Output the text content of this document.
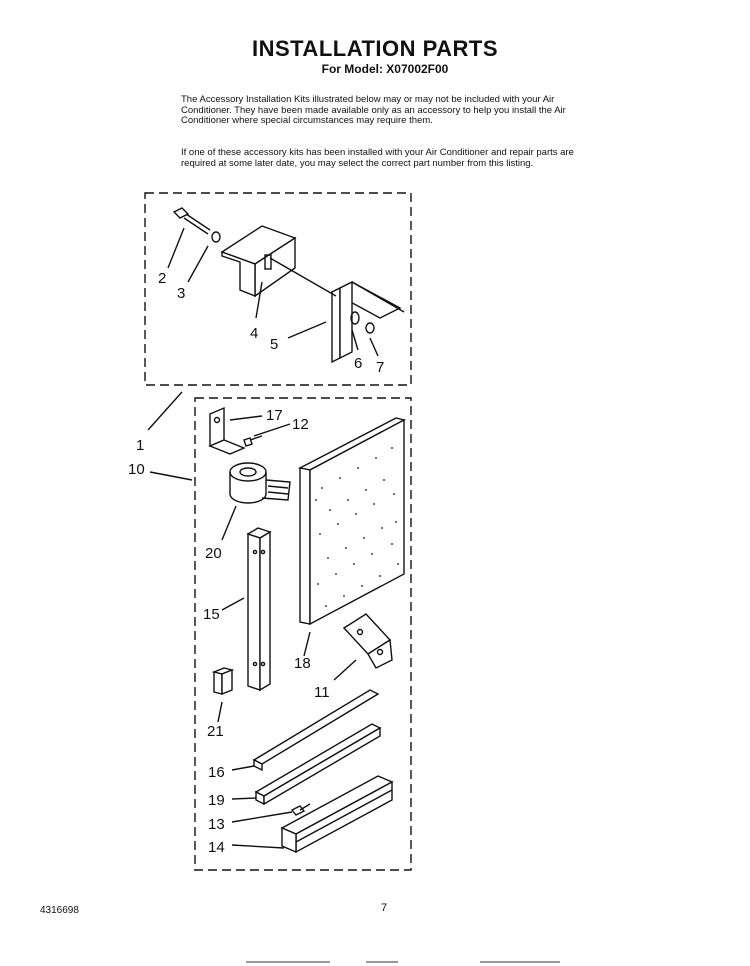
INSTALLATION PARTS
For Model: X07002F00
The Accessory Installation Kits illustrated below may or may not be included with your Air Conditioner. They have been made available only as an accessory to help you install the Air Conditioner where special circumstances may require them.
If one of these accessory kits has been installed with your Air Conditioner and repair parts are required at some later date, you may select the correct part number from this listing.
2
3
4
5
6 7
1
10
17
12
20
15
18
11
21
16
19
13
14
4316698	7
